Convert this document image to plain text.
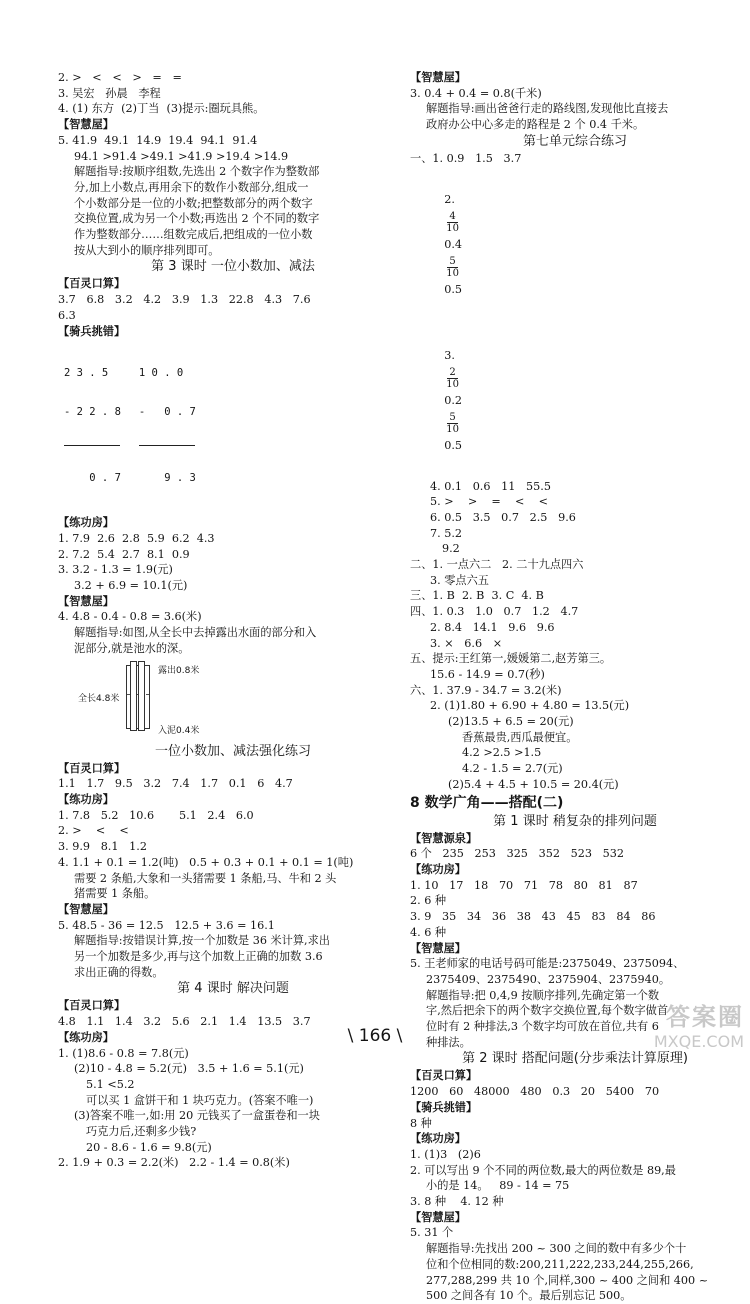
2. >   <   <   >   =   =
3. 吴宏   孙晨   李程
4. (1) 东方  (2)丁当  (3)提示:圈玩具熊。
【智慧屋】
5. 41.9  49.1  14.9  19.4  94.1  91.4
94.1 >91.4 >49.1 >41.9 >19.4 >14.9
解题指导:按顺序组数,先选出 2 个数字作为整数部
分,加上小数点,再用余下的数作小数部分,组成一
个小数部分是一位的小数;把整数部分的两个数字
交换位置,成为另一个小数;再选出 2 个不同的数字
作为整数部分……组数完成后,把组成的一位小数
按从大到小的顺序排列即可。
第 3 课时 一位小数加、减法
【百灵口算】
3.7   6.8   3.2   4.2   3.9   1.3   22.8   4.3   7.6
6.3
【骑兵挑错】

2 3 . 5

- 2 2 . 8

0 . 7

1 0 . 0

-   0 . 7

9 . 3

【练功房】
1. 7.9  2.6  2.8  5.9  6.2  4.3
2. 7.2  5.4  2.7  8.1  0.9
3. 3.2 - 1.3 = 1.9(元)
3.2 + 6.9 = 10.1(元)
【智慧屋】
4. 4.8 - 0.4 - 0.8 = 3.6(米)
解题指导:如图,从全长中去掉露出水面的部分和入
泥部分,就是池水的深。
露出0.8米
全长4.8米
入泥0.4米
一位小数加、减法强化练习
【百灵口算】
1.1   1.7   9.5   3.2   7.4   1.7   0.1   6   4.7
【练功房】
1. 7.8   5.2   10.6       5.1   2.4   6.0
2. >    <    <
3. 9.9   8.1   1.2
4. 1.1 + 0.1 = 1.2(吨)   0.5 + 0.3 + 0.1 + 0.1 = 1(吨)
需要 2 条船,大象和一头猪需要 1 条船,马、牛和 2 头
猪需要 1 条船。
【智慧屋】
5. 48.5 - 36 = 12.5   12.5 + 3.6 = 16.1
解题指导:按错误计算,按一个加数是 36 米计算,求出
另一个加数是多少,再与这个加数上正确的加数 3.6
求出正确的得数。
第 4 课时 解决问题
【百灵口算】
4.8   1.1   1.4   3.2   5.6   2.1   1.4   13.5   3.7
【练功房】
1. (1)8.6 - 0.8 = 7.8(元)
(2)10 - 4.8 = 5.2(元)   3.5 + 1.6 = 5.1(元)
5.1 <5.2
可以买 1 盒饼干和 1 块巧克力。(答案不唯一)
(3)答案不唯一,如:用 20 元钱买了一盒蛋卷和一块
巧克力后,还剩多少钱?
20 - 8.6 - 1.6 = 9.8(元)
2. 1.9 + 0.3 = 2.2(米)   2.2 - 1.4 = 0.8(米)
【智慧屋】
3. 0.4 + 0.4 = 0.8(千米)
解题指导:画出爸爸行走的路线图,发现他比直接去
政府办公中心多走的路程是 2 个 0.4 千米。
第七单元综合练习
一、1. 0.9   1.5   3.7

2.

$\frac{4}{10}$

0.4

$\frac{5}{10}$

0.5

3.

$\frac{2}{10}$

0.2

$\frac{5}{10}$

0.5

4. 0.1   0.6   11   55.5
5. >    >    =    <    <
6. 0.5   3.5   0.7   2.5   9.6
7. 5.2
9.2
二、1. 一点六二   2. 二十九点四六
3. 零点六五
三、1. B  2. B  3. C  4. B
四、1. 0.3   1.0   0.7   1.2   4.7
2. 8.4   14.1   9.6   9.6
3. ×   6.6   ×
五、提示:王红第一,媛媛第二,赵芳第三。
15.6 - 14.9 = 0.7(秒)
六、1. 37.9 - 34.7 = 3.2(米)
2. (1)1.80 + 6.90 + 4.80 = 13.5(元)
(2)13.5 + 6.5 = 20(元)
香蕉最贵,西瓜最便宜。
4.2 >2.5 >1.5
4.2 - 1.5 = 2.7(元)
(2)5.4 + 4.5 + 10.5 = 20.4(元)
8 数学广角——搭配(二)
第 1 课时 稍复杂的排列问题
【智慧源泉】
6 个   235   253   325   352   523   532
【练功房】
1. 10   17   18   70   71   78   80   81   87
2. 6 种
3. 9   35   34   36   38   43   45   83   84   86
4. 6 种
【智慧屋】
5. 王老师家的电话号码可能是:2375049、2375094、
2375409、2375490、2375904、2375940。
解题指导:把 0,4,9 按顺序排列,先确定第一个数
字,然后把余下的两个数字交换位置,每个数字做首
位时有 2 种排法,3 个数字均可放在首位,共有 6
种排法。
第 2 课时 搭配问题(分步乘法计算原理)
【百灵口算】
1200   60   48000   480   0.3   20   5400   70
【骑兵挑错】
8 种
【练功房】
1. (1)3   (2)6
2. 可以写出 9 个不同的两位数,最大的两位数是 89,最
小的是 14。   89 - 14 = 75
3. 8 种    4. 12 种
【智慧屋】
5. 31 个
解题指导:先找出 200 ~ 300 之间的数中有多少个十
位和个位相同的数:200,211,222,233,244,255,266,
277,288,299 共 10 个,同样,300 ~ 400 之间和 400 ~
500 之间各有 10 个。最后别忘记 500。
\ 166 \
答案圈
MXQE.COM
